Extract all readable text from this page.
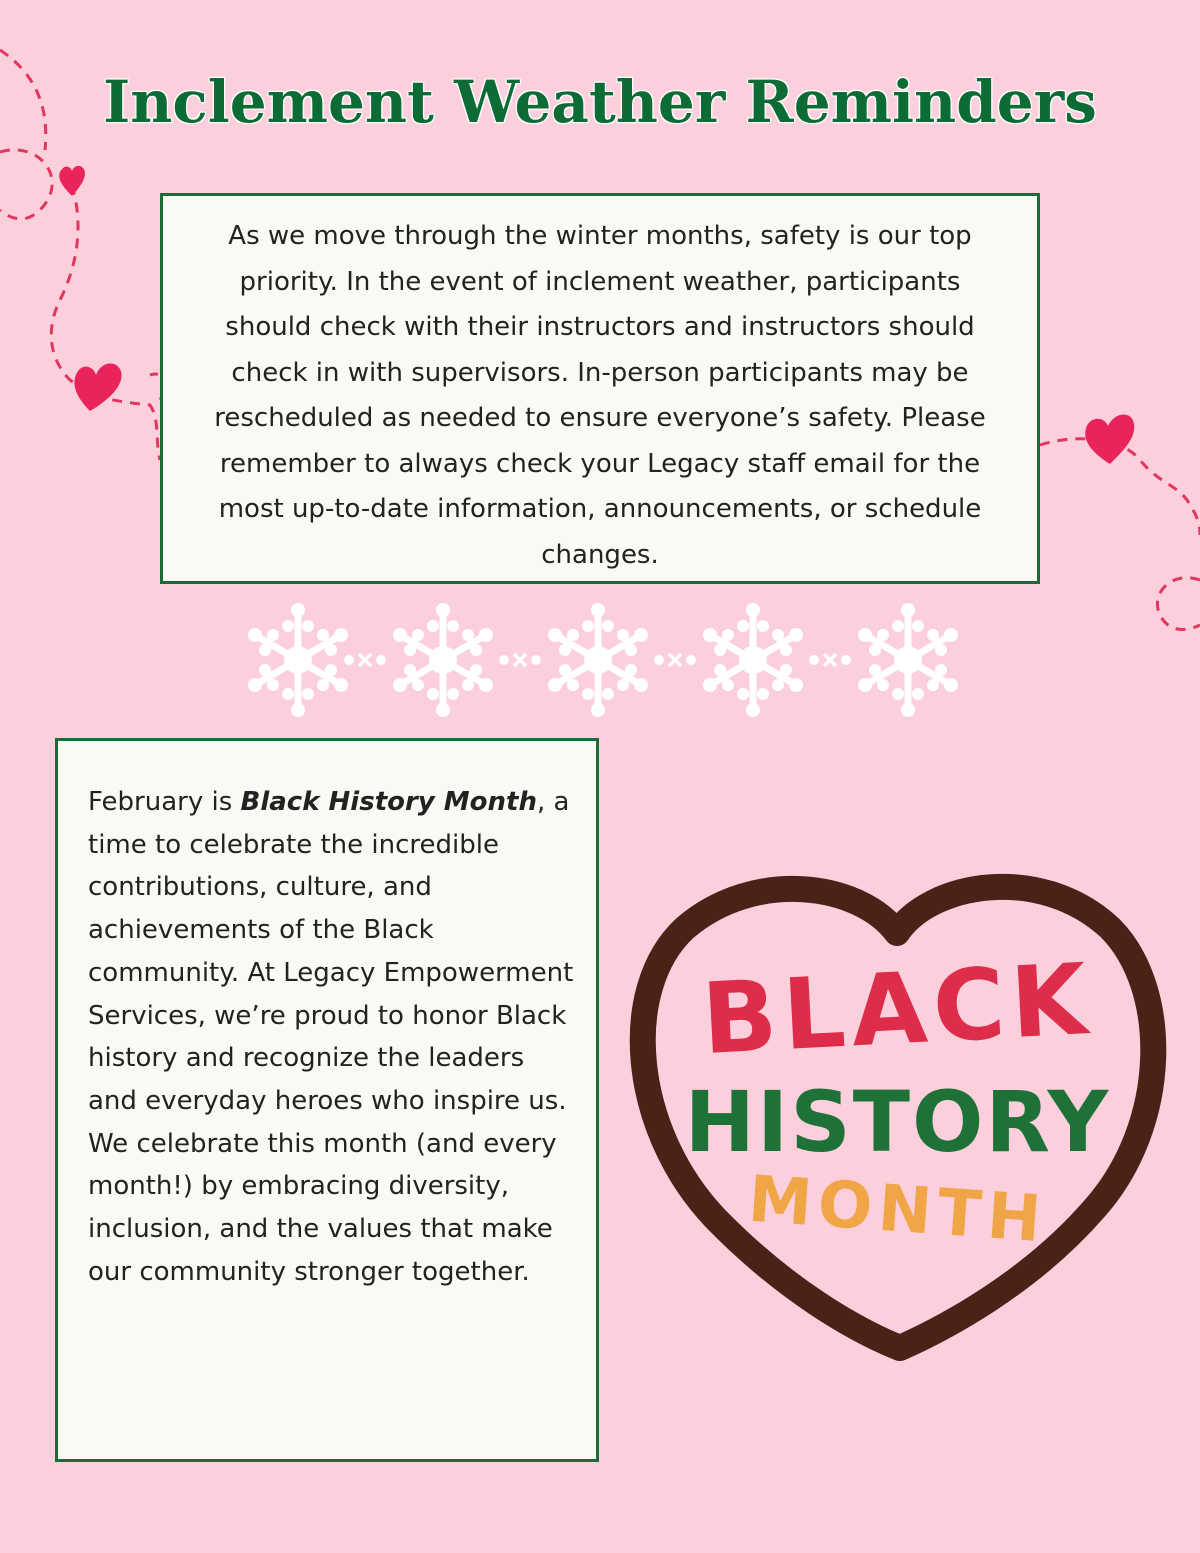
Inclement Weather Reminders

As we move through the winter months, safety is our top priority. In the event of inclement weather, participants should check with their instructors and instructors should check in with supervisors. In-person participants may be rescheduled as needed to ensure everyone’s safety. Please remember to always check your Legacy staff email for the most up-to-date information, announcements, or schedule changes.

February is Black History Month, a time to celebrate the incredible contributions, culture, and achievements of the Black community. At Legacy Empowerment Services, we’re proud to honor Black history and recognize the leaders and everyday heroes who inspire us. We celebrate this month (and every month!) by embracing diversity, inclusion, and the values that make our community stronger together.

BLACK
HISTORY
MONTH
